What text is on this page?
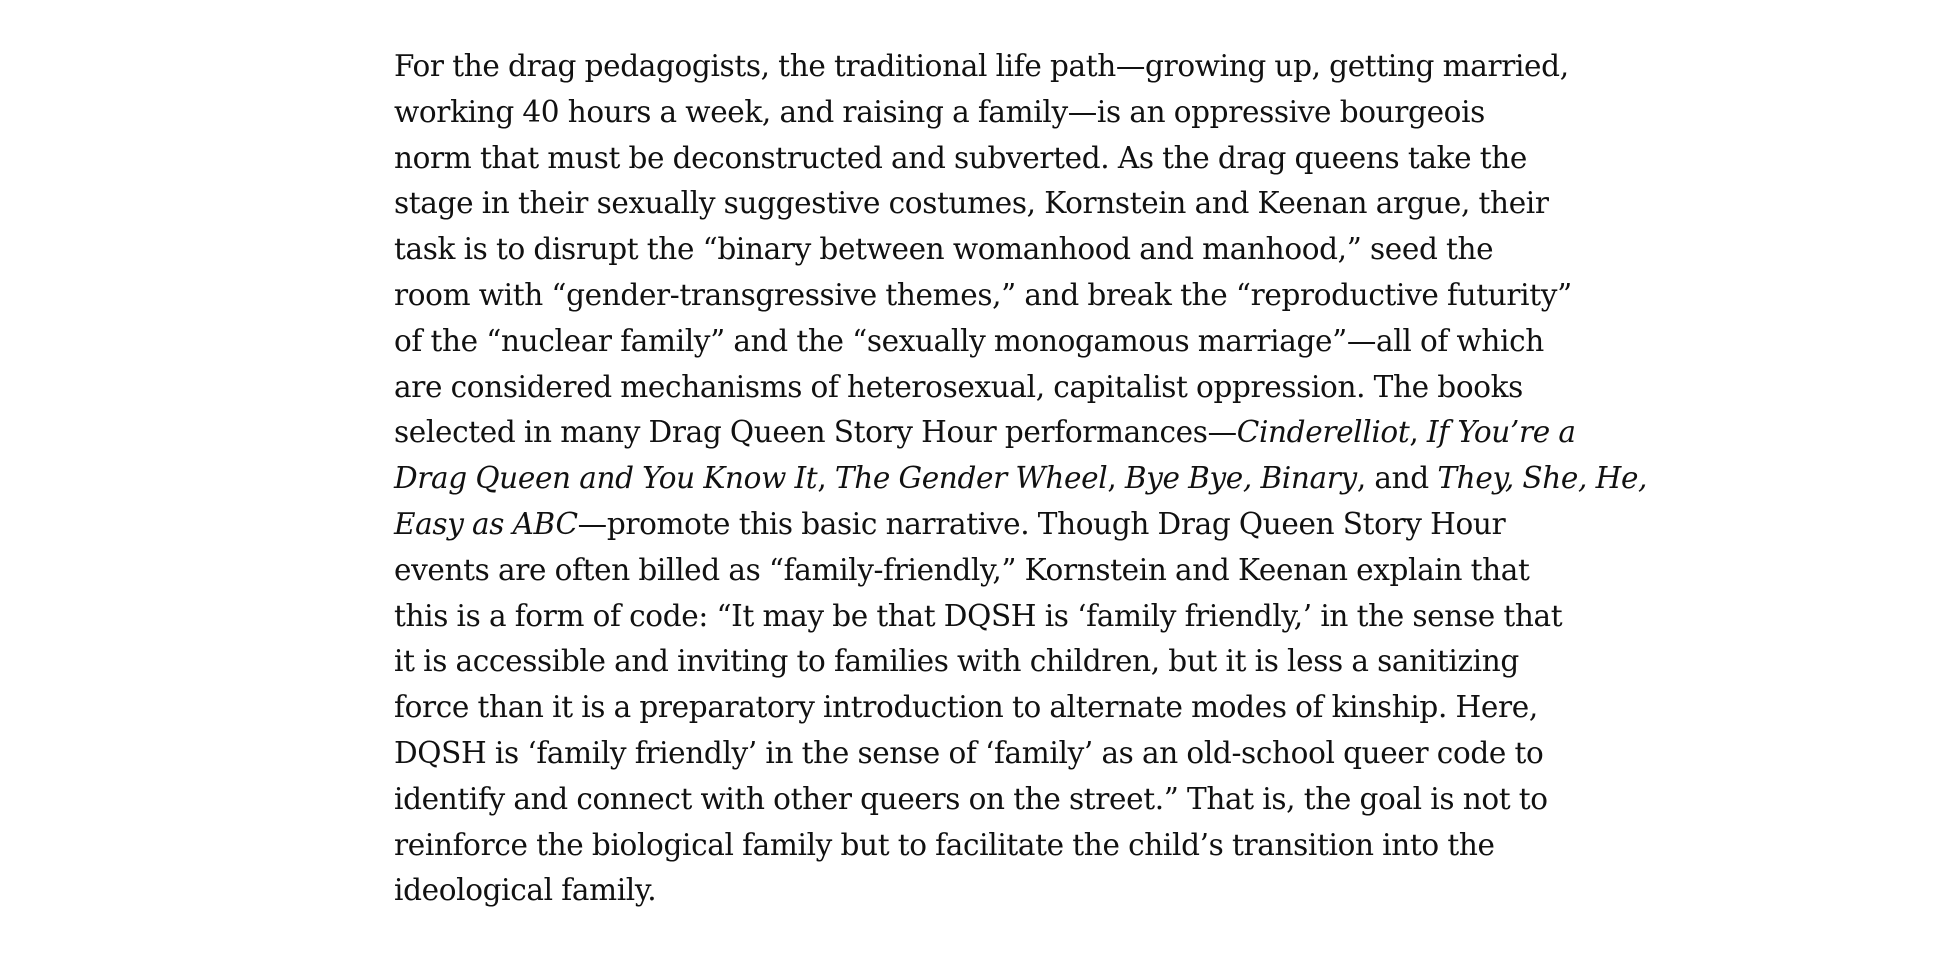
For the drag pedagogists, the traditional life path—growing up, getting married,
working 40 hours a week, and raising a family—is an oppressive bourgeois
norm that must be deconstructed and subverted. As the drag queens take the
stage in their sexually suggestive costumes, Kornstein and Keenan argue, their
task is to disrupt the “binary between womanhood and manhood,” seed the
room with “gender-transgressive themes,” and break the “reproductive futurity”
of the “nuclear family” and the “sexually monogamous marriage”—all of which
are considered mechanisms of heterosexual, capitalist oppression. The books
selected in many Drag Queen Story Hour performances—Cinderelliot, If You’re a
Drag Queen and You Know It, The Gender Wheel, Bye Bye, Binary, and They, She, He,
Easy as ABC—promote this basic narrative. Though Drag Queen Story Hour
events are often billed as “family-friendly,” Kornstein and Keenan explain that
this is a form of code: “It may be that DQSH is ‘family friendly,’ in the sense that
it is accessible and inviting to families with children, but it is less a sanitizing
force than it is a preparatory introduction to alternate modes of kinship. Here,
DQSH is ‘family friendly’ in the sense of ‘family’ as an old-school queer code to
identify and connect with other queers on the street.” That is, the goal is not to
reinforce the biological family but to facilitate the child’s transition into the
ideological family.
